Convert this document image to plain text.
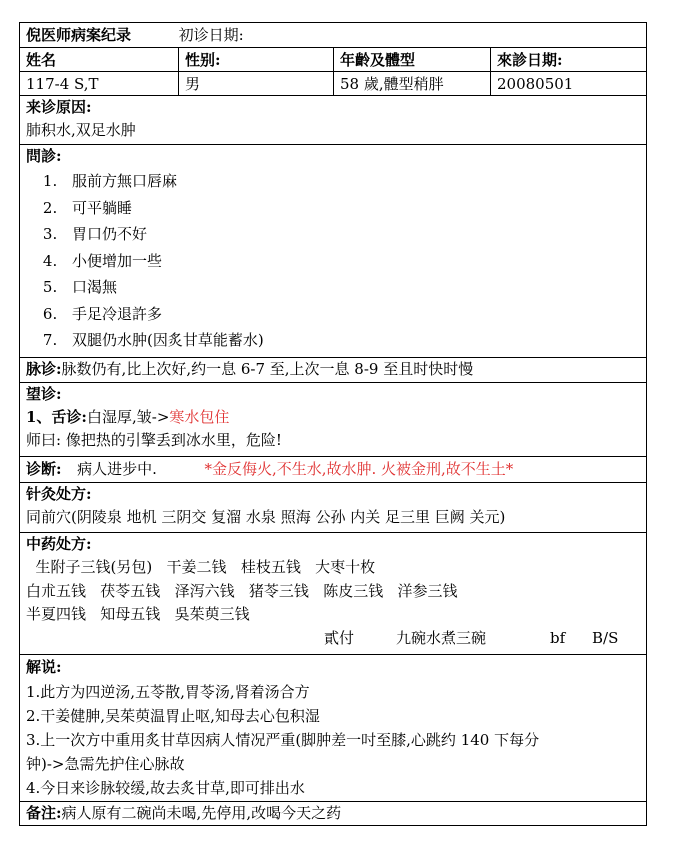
倪医师病案纪录	初诊日期:
姓名	性别:	年齡及體型	來診日期:
117-4 S,T	男	58 歲,體型稍胖	20080501
来诊原因:
肺积水,双足水肿
問診:
1. 服前方無口唇麻
2. 可平躺睡
3. 胃口仍不好
4. 小便增加一些
5. 口渴無
6. 手足冷退許多
7. 双腿仍水肿(因炙甘草能蓄水)
脉诊:脉数仍有,比上次好,约一息 6-7 至,上次一息 8-9 至且时快时慢
望诊:
1、舌诊:白湿厚,皱->寒水包住
师曰: 像把热的引擎丢到冰水里，危险!
诊断: 病人进步中.	*金反侮火,不生水,故水肿. 火被金刑,故不生土*
针灸处方:
同前穴(阴陵泉 地机 三阴交 复溜 水泉 照海 公孙 内关 足三里 巨阙 关元)
中药处方:
生附子三钱(另包)   干姜二钱   桂枝五钱   大枣十枚
白朮五钱   茯苓五钱   泽泻六钱   猪苓三钱   陈皮三钱   洋参三钱
半夏四钱   知母五钱   吳茱萸三钱
貳付	九碗水煮三碗	bf B/S
解说:
1.此方为四逆汤,五苓散,胃苓汤,肾着汤合方
2.干姜健胂,吴茱萸温胃止呕,知母去心包积湿
3.上一次方中重用炙甘草因病人情况严重(脚肿差一吋至膝,心跳约 140 下每分
钟)->急需先护住心脉故
4.今日来诊脉较缓,故去炙甘草,即可排出水
备注:病人原有二碗尚未喝,先停用,改喝今天之药
